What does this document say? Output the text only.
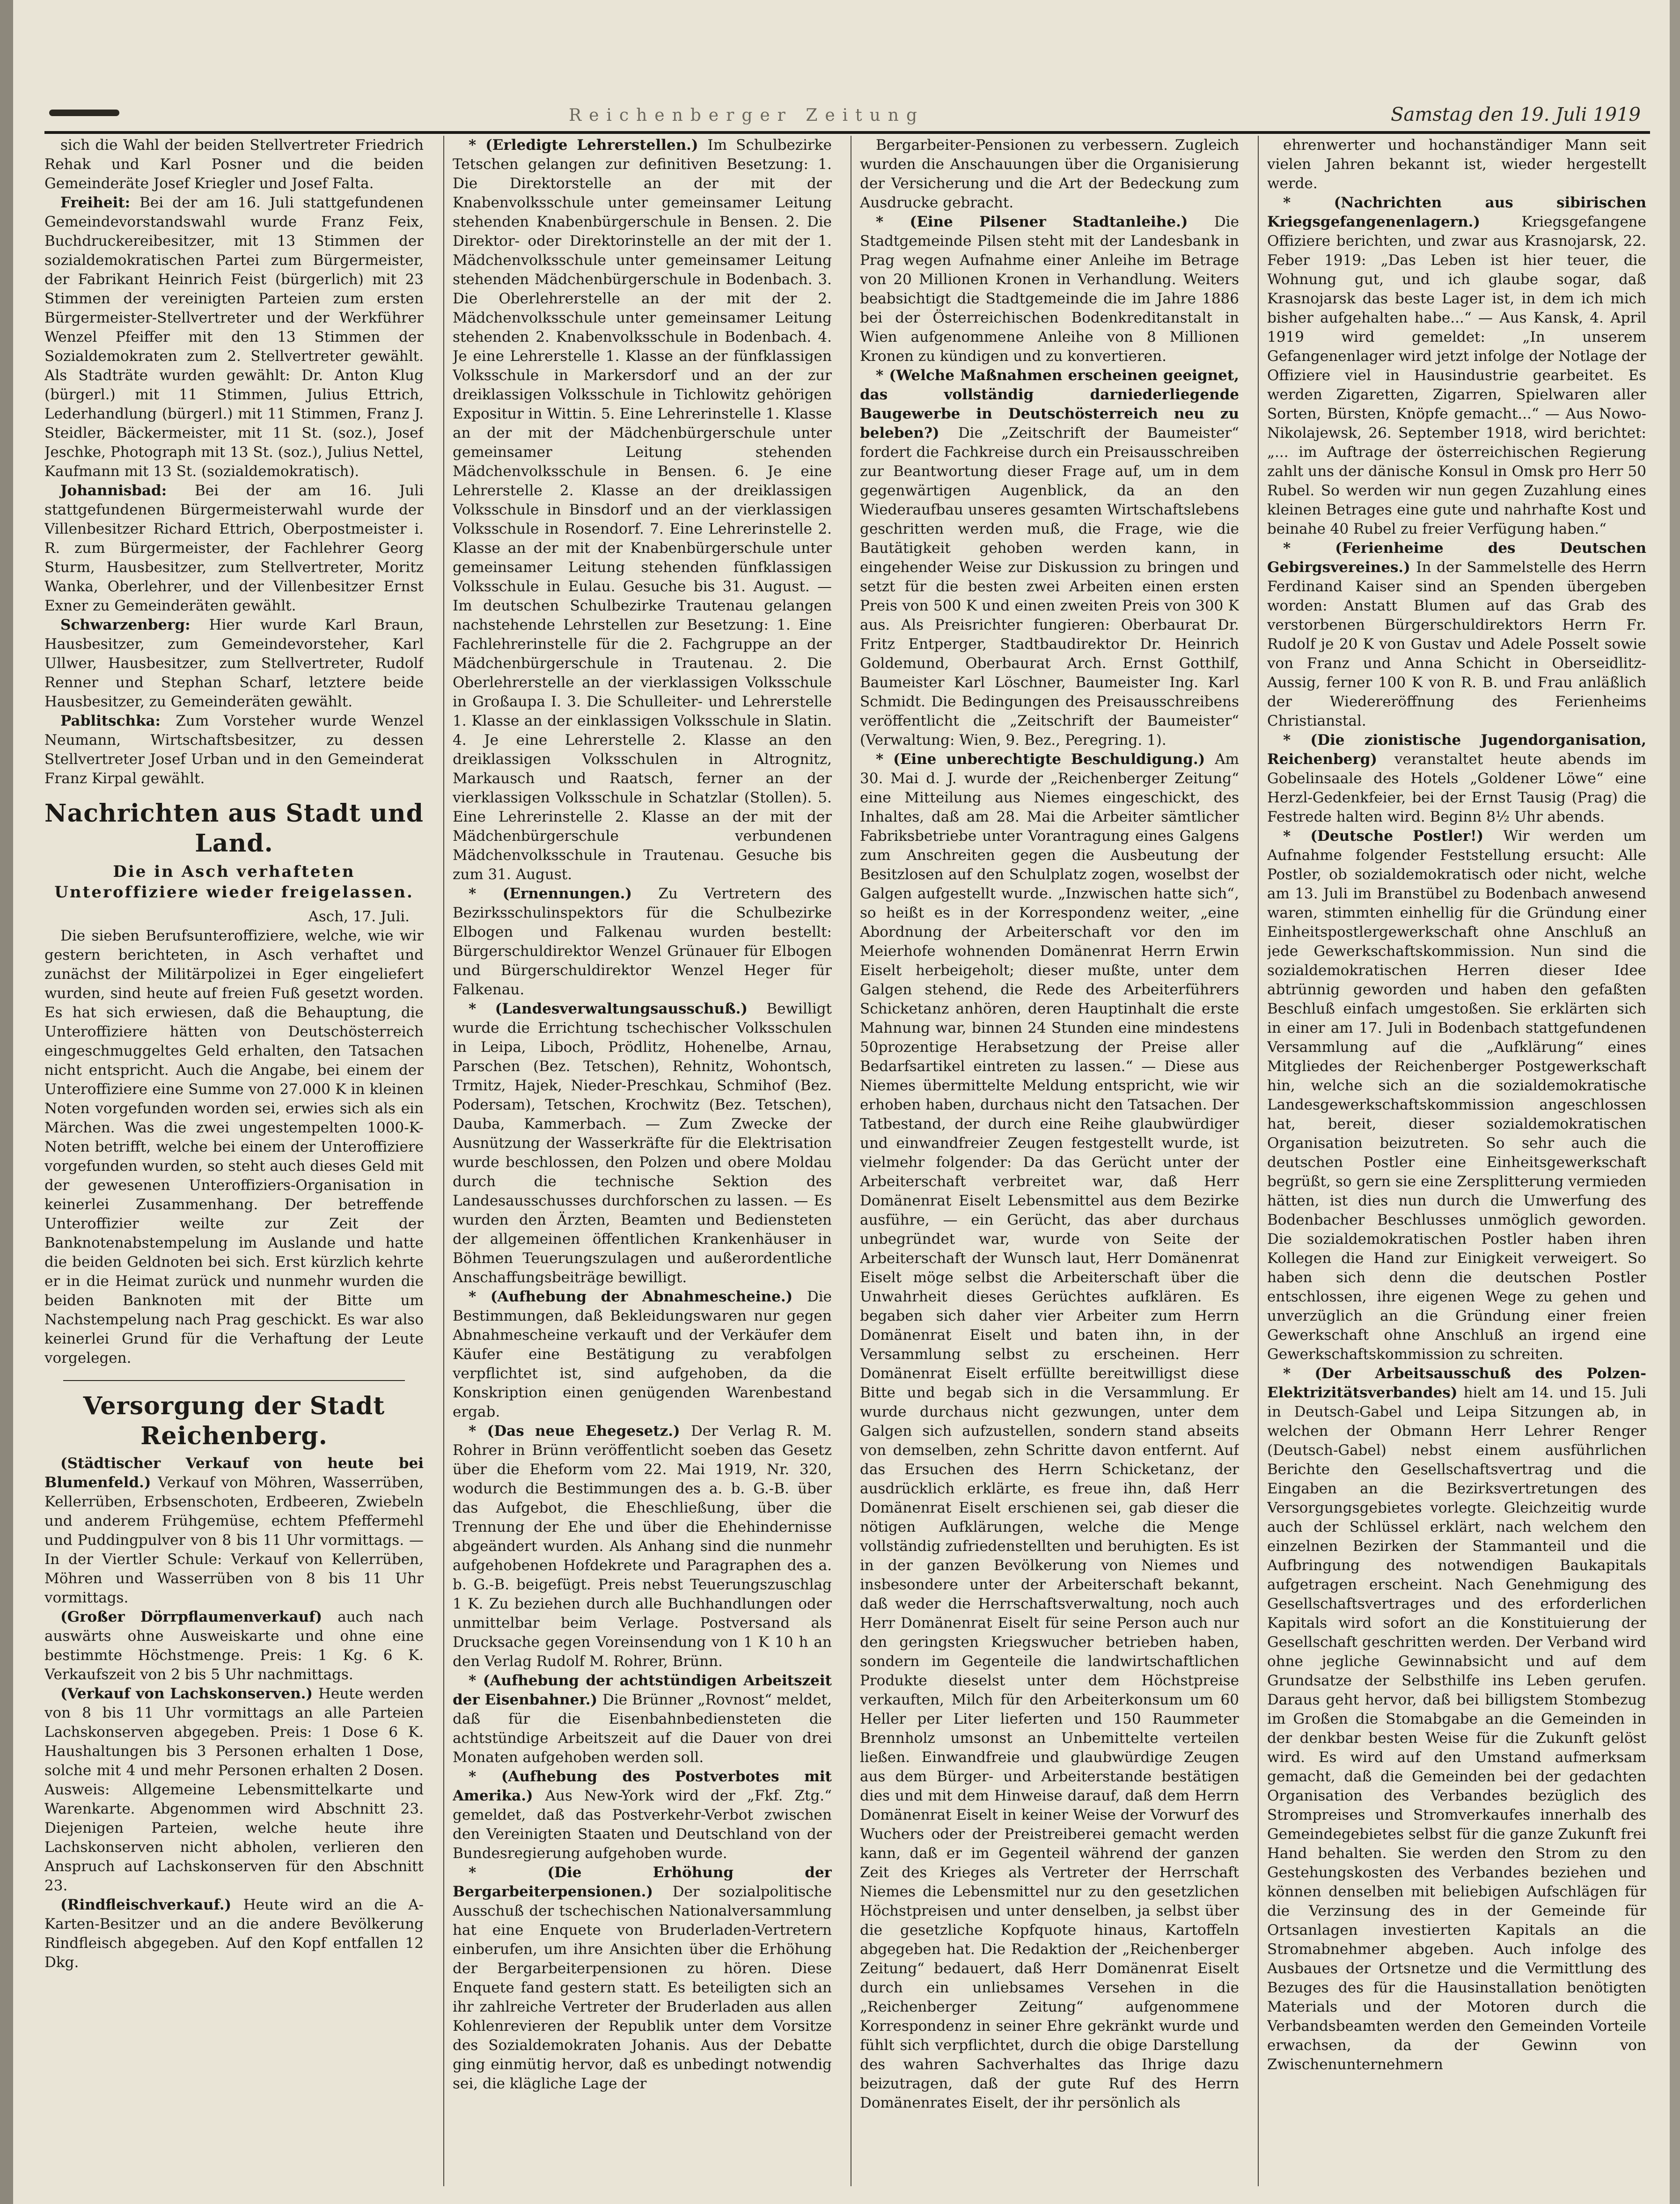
Reichenberger Zeitung	Samstag den 19. Juli 1919

sich die Wahl der beiden Stellvertreter Friedrich Rehak und Karl Posner und die beiden Gemeinderäte Josef Kriegler und Josef Falta.

Freiheit: Bei der am 16. Juli stattgefundenen Gemeindevorstandswahl wurde Franz Feix, Buchdruckereibesitzer, mit 13 Stimmen der sozialdemokratischen Partei zum Bürgermeister, der Fabrikant Heinrich Feist (bürgerlich) mit 23 Stimmen der vereinigten Parteien zum ersten Bürgermeister-Stellvertreter und der Werkführer Wenzel Pfeiffer mit den 13 Stimmen der Sozialdemokraten zum 2. Stellvertreter gewählt. Als Stadträte wurden gewählt: Dr. Anton Klug (bürgerl.) mit 11 Stimmen, Julius Ettrich, Lederhandlung (bürgerl.) mit 11 Stimmen, Franz J. Steidler, Bäckermeister, mit 11 St. (soz.), Josef Jeschke, Photograph mit 13 St. (soz.), Julius Nettel, Kaufmann mit 13 St. (sozialdemokratisch).

Johannisbad: Bei der am 16. Juli stattgefundenen Bürgermeisterwahl wurde der Villenbesitzer Richard Ettrich, Oberpostmeister i. R. zum Bürgermeister, der Fachlehrer Georg Sturm, Hausbesitzer, zum Stellvertreter, Moritz Wanka, Oberlehrer, und der Villenbesitzer Ernst Exner zu Gemeinderäten gewählt.

Schwarzenberg: Hier wurde Karl Braun, Hausbesitzer, zum Gemeindevorsteher, Karl Ullwer, Hausbesitzer, zum Stellvertreter, Rudolf Renner und Stephan Scharf, letztere beide Hausbesitzer, zu Gemeinderäten gewählt.

Pablitschka: Zum Vorsteher wurde Wenzel Neumann, Wirtschaftsbesitzer, zu dessen Stellvertreter Josef Urban und in den Gemeinderat Franz Kirpal gewählt.

Nachrichten aus Stadt und Land.
Die in Asch verhafteten Unteroffiziere wieder freigelassen.

Asch, 17. Juli.

Die sieben Berufsunteroffiziere, welche, wie wir gestern berichteten, in Asch verhaftet und zunächst der Militärpolizei in Eger eingeliefert wurden, sind heute auf freien Fuß gesetzt worden. Es hat sich erwiesen, daß die Behauptung, die Unteroffiziere hätten von Deutschösterreich eingeschmuggeltes Geld erhalten, den Tatsachen nicht entspricht. Auch die Angabe, bei einem der Unteroffiziere eine Summe von 27.000 K in kleinen Noten vorgefunden worden sei, erwies sich als ein Märchen. Was die zwei ungestempelten 1000-K-Noten betrifft, welche bei einem der Unteroffiziere vorgefunden wurden, so steht auch dieses Geld mit der gewesenen Unteroffiziers-Organisation in keinerlei Zusammenhang. Der betreffende Unteroffizier weilte zur Zeit der Banknotenabstempelung im Auslande und hatte die beiden Geldnoten bei sich. Erst kürzlich kehrte er in die Heimat zurück und nunmehr wurden die beiden Banknoten mit der Bitte um Nachstempelung nach Prag geschickt. Es war also keinerlei Grund für die Verhaftung der Leute vorgelegen.

Versorgung der Stadt Reichenberg.

(Städtischer Verkauf von heute bei Blumenfeld.) Verkauf von Möhren, Wasserrüben, Kellerrüben, Erbsenschoten, Erdbeeren, Zwiebeln und anderem Frühgemüse, echtem Pfeffermehl und Puddingpulver von 8 bis 11 Uhr vormittags. — In der Viertler Schule: Verkauf von Kellerrüben, Möhren und Wasserrüben von 8 bis 11 Uhr vormittags.

(Großer Dörrpflaumenverkauf) auch nach auswärts ohne Ausweiskarte und ohne eine bestimmte Höchstmenge. Preis: 1 Kg. 6 K. Verkaufszeit von 2 bis 5 Uhr nachmittags.

(Verkauf von Lachskonserven.) Heute werden von 8 bis 11 Uhr vormittags an alle Parteien Lachskonserven abgegeben. Preis: 1 Dose 6 K. Haushaltungen bis 3 Personen erhalten 1 Dose, solche mit 4 und mehr Personen erhalten 2 Dosen. Ausweis: Allgemeine Lebensmittelkarte und Warenkarte. Abgenommen wird Abschnitt 23. Diejenigen Parteien, welche heute ihre Lachskonserven nicht abholen, verlieren den Anspruch auf Lachskonserven für den Abschnitt 23.

(Rindfleischverkauf.) Heute wird an die A-Karten-Besitzer und an die andere Bevölkerung Rindfleisch abgegeben. Auf den Kopf entfallen 12 Dkg.

* (Erledigte Lehrerstellen.) Im Schulbezirke Tetschen gelangen zur definitiven Besetzung: 1. Die Direktorstelle an der mit der Knabenvolksschule unter gemeinsamer Leitung stehenden Knabenbürgerschule in Bensen. 2. Die Direktor- oder Direktorinstelle an der mit der 1. Mädchenvolksschule unter gemeinsamer Leitung stehenden Mädchenbürgerschule in Bodenbach. 3. Die Oberlehrerstelle an der mit der 2. Mädchenvolksschule unter gemeinsamer Leitung stehenden 2. Knabenvolksschule in Bodenbach. 4. Je eine Lehrerstelle 1. Klasse an der fünfklassigen Volksschule in Markersdorf und an der zur dreiklassigen Volksschule in Tichlowitz gehörigen Expositur in Wittin. 5. Eine Lehrerinstelle 1. Klasse an der mit der Mädchenbürgerschule unter gemeinsamer Leitung stehenden Mädchenvolksschule in Bensen. 6. Je eine Lehrerstelle 2. Klasse an der dreiklassigen Volksschule in Binsdorf und an der vierklassigen Volksschule in Rosendorf. 7. Eine Lehrerinstelle 2. Klasse an der mit der Knabenbürgerschule unter gemeinsamer Leitung stehenden fünfklassigen Volksschule in Eulau. Gesuche bis 31. August. — Im deutschen Schulbezirke Trautenau gelangen nachstehende Lehrstellen zur Besetzung: 1. Eine Fachlehrerinstelle für die 2. Fachgruppe an der Mädchenbürgerschule in Trautenau. 2. Die Oberlehrerstelle an der vierklassigen Volksschule in Großaupa I. 3. Die Schulleiter- und Lehrerstelle 1. Klasse an der einklassigen Volksschule in Slatin. 4. Je eine Lehrerstelle 2. Klasse an den dreiklassigen Volksschulen in Altrognitz, Markausch und Raatsch, ferner an der vierklassigen Volksschule in Schatzlar (Stollen). 5. Eine Lehrerinstelle 2. Klasse an der mit der Mädchenbürgerschule verbundenen Mädchenvolksschule in Trautenau. Gesuche bis zum 31. August.

* (Ernennungen.) Zu Vertretern des Bezirksschulinspektors für die Schulbezirke Elbogen und Falkenau wurden bestellt: Bürgerschuldirektor Wenzel Grünauer für Elbogen und Bürgerschuldirektor Wenzel Heger für Falkenau.

* (Landesverwaltungsausschuß.) Bewilligt wurde die Errichtung tschechischer Volksschulen in Leipa, Liboch, Prödlitz, Hohenelbe, Arnau, Parschen (Bez. Tetschen), Rehnitz, Wohontsch, Trmitz, Hajek, Nieder-Preschkau, Schmihof (Bez. Podersam), Tetschen, Krochwitz (Bez. Tetschen), Dauba, Kammerbach. — Zum Zwecke der Ausnützung der Wasserkräfte für die Elektrisation wurde beschlossen, den Polzen und obere Moldau durch die technische Sektion des Landesausschusses durchforschen zu lassen. — Es wurden den Ärzten, Beamten und Bediensteten der allgemeinen öffentlichen Krankenhäuser in Böhmen Teuerungszulagen und außerordentliche Anschaffungsbeiträge bewilligt.

* (Aufhebung der Abnahmescheine.) Die Bestimmungen, daß Bekleidungswaren nur gegen Abnahmescheine verkauft und der Verkäufer dem Käufer eine Bestätigung zu verabfolgen verpflichtet ist, sind aufgehoben, da die Konskription einen genügenden Warenbestand ergab.

* (Das neue Ehegesetz.) Der Verlag R. M. Rohrer in Brünn veröffentlicht soeben das Gesetz über die Eheform vom 22. Mai 1919, Nr. 320, wodurch die Bestimmungen des a. b. G.-B. über das Aufgebot, die Eheschließung, über die Trennung der Ehe und über die Ehehindernisse abgeändert wurden. Als Anhang sind die nunmehr aufgehobenen Hofdekrete und Paragraphen des a. b. G.-B. beigefügt. Preis nebst Teuerungszuschlag 1 K. Zu beziehen durch alle Buchhandlungen oder unmittelbar beim Verlage. Postversand als Drucksache gegen Voreinsendung von 1 K 10 h an den Verlag Rudolf M. Rohrer, Brünn.

* (Aufhebung der achtstündigen Arbeitszeit der Eisenbahner.) Die Brünner „Rovnost“ meldet, daß für die Eisenbahnbediensteten die achtstündige Arbeitszeit auf die Dauer von drei Monaten aufgehoben werden soll.

* (Aufhebung des Postverbotes mit Amerika.) Aus New-York wird der „Fkf. Ztg.“ gemeldet, daß das Postverkehr-Verbot zwischen den Vereinigten Staaten und Deutschland von der Bundesregierung aufgehoben wurde.

* (Die Erhöhung der Bergarbeiterpensionen.) Der sozialpolitische Ausschuß der tschechischen Nationalversammlung hat eine Enquete von Bruderladen-Vertretern einberufen, um ihre Ansichten über die Erhöhung der Bergarbeiterpensionen zu hören. Diese Enquete fand gestern statt. Es beteiligten sich an ihr zahlreiche Vertreter der Bruderladen aus allen Kohlenrevieren der Republik unter dem Vorsitze des Sozialdemokraten Johanis. Aus der Debatte ging einmütig hervor, daß es unbedingt notwendig sei, die klägliche Lage der

Bergarbeiter-Pensionen zu verbessern. Zugleich wurden die Anschauungen über die Organisierung der Versicherung und die Art der Bedeckung zum Ausdrucke gebracht.

* (Eine Pilsener Stadtanleihe.) Die Stadtgemeinde Pilsen steht mit der Landesbank in Prag wegen Aufnahme einer Anleihe im Betrage von 20 Millionen Kronen in Verhandlung. Weiters beabsichtigt die Stadtgemeinde die im Jahre 1886 bei der Österreichischen Bodenkreditanstalt in Wien aufgenommene Anleihe von 8 Millionen Kronen zu kündigen und zu konvertieren.

* (Welche Maßnahmen erscheinen geeignet, das vollständig darniederliegende Baugewerbe in Deutschösterreich neu zu beleben?) Die „Zeitschrift der Baumeister“ fordert die Fachkreise durch ein Preisausschreiben zur Beantwortung dieser Frage auf, um in dem gegenwärtigen Augenblick, da an den Wiederaufbau unseres gesamten Wirtschaftslebens geschritten werden muß, die Frage, wie die Bautätigkeit gehoben werden kann, in eingehender Weise zur Diskussion zu bringen und setzt für die besten zwei Arbeiten einen ersten Preis von 500 K und einen zweiten Preis von 300 K aus. Als Preisrichter fungieren: Oberbaurat Dr. Fritz Entperger, Stadtbaudirektor Dr. Heinrich Goldemund, Oberbaurat Arch. Ernst Gotthilf, Baumeister Karl Löschner, Baumeister Ing. Karl Schmidt. Die Bedingungen des Preisausschreibens veröffentlicht die „Zeitschrift der Baumeister“ (Verwaltung: Wien, 9. Bez., Peregring. 1).

* (Eine unberechtigte Beschuldigung.) Am 30. Mai d. J. wurde der „Reichenberger Zeitung“ eine Mitteilung aus Niemes eingeschickt, des Inhaltes, daß am 28. Mai die Arbeiter sämtlicher Fabriksbetriebe unter Vorantragung eines Galgens zum Anschreiten gegen die Ausbeutung der Besitzlosen auf den Schulplatz zogen, woselbst der Galgen aufgestellt wurde. „Inzwischen hatte sich“, so heißt es in der Korrespondenz weiter, „eine Abordnung der Arbeiterschaft vor den im Meierhofe wohnenden Domänenrat Herrn Erwin Eiselt herbeigeholt; dieser mußte, unter dem Galgen stehend, die Rede des Arbeiterführers Schicketanz anhören, deren Hauptinhalt die erste Mahnung war, binnen 24 Stunden eine mindestens 50prozentige Herabsetzung der Preise aller Bedarfsartikel eintreten zu lassen.“ — Diese aus Niemes übermittelte Meldung entspricht, wie wir erhoben haben, durchaus nicht den Tatsachen. Der Tatbestand, der durch eine Reihe glaubwürdiger und einwandfreier Zeugen festgestellt wurde, ist vielmehr folgender: Da das Gerücht unter der Arbeiterschaft verbreitet war, daß Herr Domänenrat Eiselt Lebensmittel aus dem Bezirke ausführe, — ein Gerücht, das aber durchaus unbegründet war, wurde von Seite der Arbeiterschaft der Wunsch laut, Herr Domänenrat Eiselt möge selbst die Arbeiterschaft über die Unwahrheit dieses Gerüchtes aufklären. Es begaben sich daher vier Arbeiter zum Herrn Domänenrat Eiselt und baten ihn, in der Versammlung selbst zu erscheinen. Herr Domänenrat Eiselt erfüllte bereitwilligst diese Bitte und begab sich in die Versammlung. Er wurde durchaus nicht gezwungen, unter dem Galgen sich aufzustellen, sondern stand abseits von demselben, zehn Schritte davon entfernt. Auf das Ersuchen des Herrn Schicketanz, der ausdrücklich erklärte, es freue ihn, daß Herr Domänenrat Eiselt erschienen sei, gab dieser die nötigen Aufklärungen, welche die Menge vollständig zufriedenstellten und beruhigten. Es ist in der ganzen Bevölkerung von Niemes und insbesondere unter der Arbeiterschaft bekannt, daß weder die Herrschaftsverwaltung, noch auch Herr Domänenrat Eiselt für seine Person auch nur den geringsten Kriegswucher betrieben haben, sondern im Gegenteile die landwirtschaftlichen Produkte dieselst unter dem Höchstpreise verkauften, Milch für den Arbeiterkonsum um 60 Heller per Liter lieferten und 150 Raummeter Brennholz umsonst an Unbemittelte verteilen ließen. Einwandfreie und glaubwürdige Zeugen aus dem Bürger- und Arbeiterstande bestätigen dies und mit dem Hinweise darauf, daß dem Herrn Domänenrat Eiselt in keiner Weise der Vorwurf des Wuchers oder der Preistreiberei gemacht werden kann, daß er im Gegenteil während der ganzen Zeit des Krieges als Vertreter der Herrschaft Niemes die Lebensmittel nur zu den gesetzlichen Höchstpreisen und unter denselben, ja selbst über die gesetzliche Kopfquote hinaus, Kartoffeln abgegeben hat. Die Redaktion der „Reichenberger Zeitung“ bedauert, daß Herr Domänenrat Eiselt durch ein unliebsames Versehen in die „Reichenberger Zeitung“ aufgenommene Korrespondenz in seiner Ehre gekränkt wurde und fühlt sich verpflichtet, durch die obige Darstellung des wahren Sachverhaltes das Ihrige dazu beizutragen, daß der gute Ruf des Herrn Domänenrates Eiselt, der ihr persönlich als

ehrenwerter und hochanständiger Mann seit vielen Jahren bekannt ist, wieder hergestellt werde.

* (Nachrichten aus sibirischen Kriegsgefangenenlagern.) Kriegsgefangene Offiziere berichten, und zwar aus Krasnojarsk, 22. Feber 1919: „Das Leben ist hier teuer, die Wohnung gut, und ich glaube sogar, daß Krasnojarsk das beste Lager ist, in dem ich mich bisher aufgehalten habe...“ — Aus Kansk, 4. April 1919 wird gemeldet: „In unserem Gefangenenlager wird jetzt infolge der Notlage der Offiziere viel in Hausindustrie gearbeitet. Es werden Zigaretten, Zigarren, Spielwaren aller Sorten, Bürsten, Knöpfe gemacht...“ — Aus Nowo-Nikolajewsk, 26. September 1918, wird berichtet: „... im Auftrage der österreichischen Regierung zahlt uns der dänische Konsul in Omsk pro Herr 50 Rubel. So werden wir nun gegen Zuzahlung eines kleinen Betrages eine gute und nahrhafte Kost und beinahe 40 Rubel zu freier Verfügung haben.“

* (Ferienheime des Deutschen Gebirgsvereines.) In der Sammelstelle des Herrn Ferdinand Kaiser sind an Spenden übergeben worden: Anstatt Blumen auf das Grab des verstorbenen Bürgerschuldirektors Herrn Fr. Rudolf je 20 K von Gustav und Adele Posselt sowie von Franz und Anna Schicht in Oberseidlitz-Aussig, ferner 100 K von R. B. und Frau anläßlich der Wiedereröffnung des Ferienheims Christianstal.

* (Die zionistische Jugendorganisation, Reichenberg) veranstaltet heute abends im Gobelinsaale des Hotels „Goldener Löwe“ eine Herzl-Gedenkfeier, bei der Ernst Tausig (Prag) die Festrede halten wird. Beginn 8½ Uhr abends.

* (Deutsche Postler!) Wir werden um Aufnahme folgender Feststellung ersucht: Alle Postler, ob sozialdemokratisch oder nicht, welche am 13. Juli im Branstübel zu Bodenbach anwesend waren, stimmten einhellig für die Gründung einer Einheitspostlergewerkschaft ohne Anschluß an jede Gewerkschaftskommission. Nun sind die sozialdemokratischen Herren dieser Idee abtrünnig geworden und haben den gefaßten Beschluß einfach umgestoßen. Sie erklärten sich in einer am 17. Juli in Bodenbach stattgefundenen Versammlung auf die „Aufklärung“ eines Mitgliedes der Reichenberger Postgewerkschaft hin, welche sich an die sozialdemokratische Landesgewerkschaftskommission angeschlossen hat, bereit, dieser sozialdemokratischen Organisation beizutreten. So sehr auch die deutschen Postler eine Einheitsgewerkschaft begrüßt, so gern sie eine Zersplitterung vermieden hätten, ist dies nun durch die Umwerfung des Bodenbacher Beschlusses unmöglich geworden. Die sozialdemokratischen Postler haben ihren Kollegen die Hand zur Einigkeit verweigert. So haben sich denn die deutschen Postler entschlossen, ihre eigenen Wege zu gehen und unverzüglich an die Gründung einer freien Gewerkschaft ohne Anschluß an irgend eine Gewerkschaftskommission zu schreiten.

* (Der Arbeitsausschuß des Polzen-Elektrizitätsverbandes) hielt am 14. und 15. Juli in Deutsch-Gabel und Leipa Sitzungen ab, in welchen der Obmann Herr Lehrer Renger (Deutsch-Gabel) nebst einem ausführlichen Berichte den Gesellschaftsvertrag und die Eingaben an die Bezirksvertretungen des Versorgungsgebietes vorlegte. Gleichzeitig wurde auch der Schlüssel erklärt, nach welchem den einzelnen Bezirken der Stammanteil und die Aufbringung des notwendigen Baukapitals aufgetragen erscheint. Nach Genehmigung des Gesellschaftsvertrages und des erforderlichen Kapitals wird sofort an die Konstituierung der Gesellschaft geschritten werden. Der Verband wird ohne jegliche Gewinnabsicht und auf dem Grundsatze der Selbsthilfe ins Leben gerufen. Daraus geht hervor, daß bei billigstem Stombezug im Großen die Stomabgabe an die Gemeinden in der denkbar besten Weise für die Zukunft gelöst wird. Es wird auf den Umstand aufmerksam gemacht, daß die Gemeinden bei der gedachten Organisation des Verbandes bezüglich des Strompreises und Stromverkaufes innerhalb des Gemeindegebietes selbst für die ganze Zukunft frei Hand behalten. Sie werden den Strom zu den Gestehungskosten des Verbandes beziehen und können denselben mit beliebigen Aufschlägen für die Verzinsung des in der Gemeinde für Ortsanlagen investierten Kapitals an die Stromabnehmer abgeben. Auch infolge des Ausbaues der Ortsnetze und die Vermittlung des Bezuges des für die Hausinstallation benötigten Materials und der Motoren durch die Verbandsbeamten werden den Gemeinden Vorteile erwachsen, da der Gewinn von Zwischenunternehmern
